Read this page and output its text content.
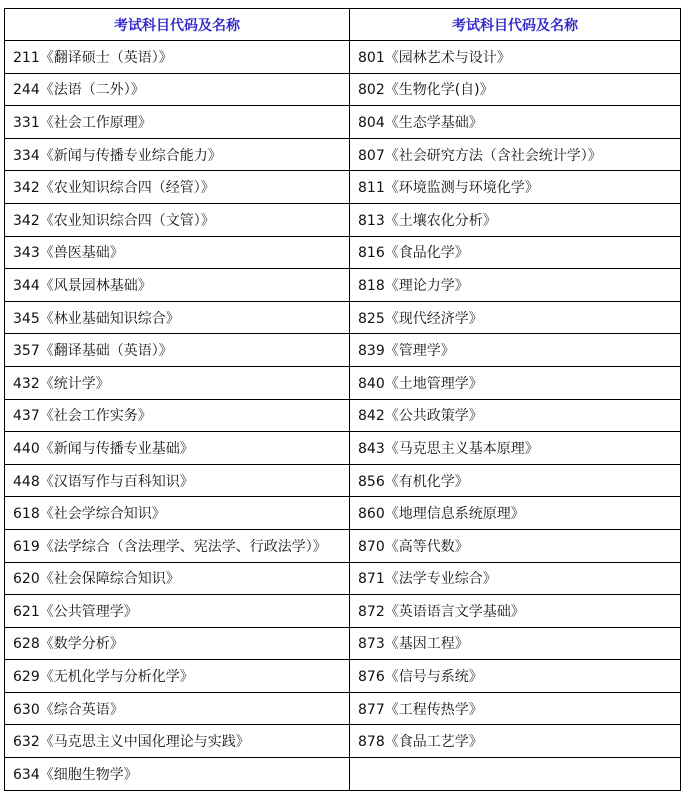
考试科目代码及名称	考试科目代码及名称
211《翻译硕士（英语）》	801《园林艺术与设计》
244《法语（二外）》	802《生物化学(自)》
331《社会工作原理》	804《生态学基础》
334《新闻与传播专业综合能力》	807《社会研究方法（含社会统计学）》
342《农业知识综合四（经管）》	811《环境监测与环境化学》
342《农业知识综合四（文管）》	813《土壤农化分析》
343《兽医基础》	816《食品化学》
344《风景园林基础》	818《理论力学》
345《林业基础知识综合》	825《现代经济学》
357《翻译基础（英语）》	839《管理学》
432《统计学》	840《土地管理学》
437《社会工作实务》	842《公共政策学》
440《新闻与传播专业基础》	843《马克思主义基本原理》
448《汉语写作与百科知识》	856《有机化学》
618《社会学综合知识》	860《地理信息系统原理》
619《法学综合（含法理学、宪法学、行政法学）》	870《高等代数》
620《社会保障综合知识》	871《法学专业综合》
621《公共管理学》	872《英语语言文学基础》
628《数学分析》	873《基因工程》
629《无机化学与分析化学》	876《信号与系统》
630《综合英语》	877《工程传热学》
632《马克思主义中国化理论与实践》	878《食品工艺学》
634《细胞生物学》	
